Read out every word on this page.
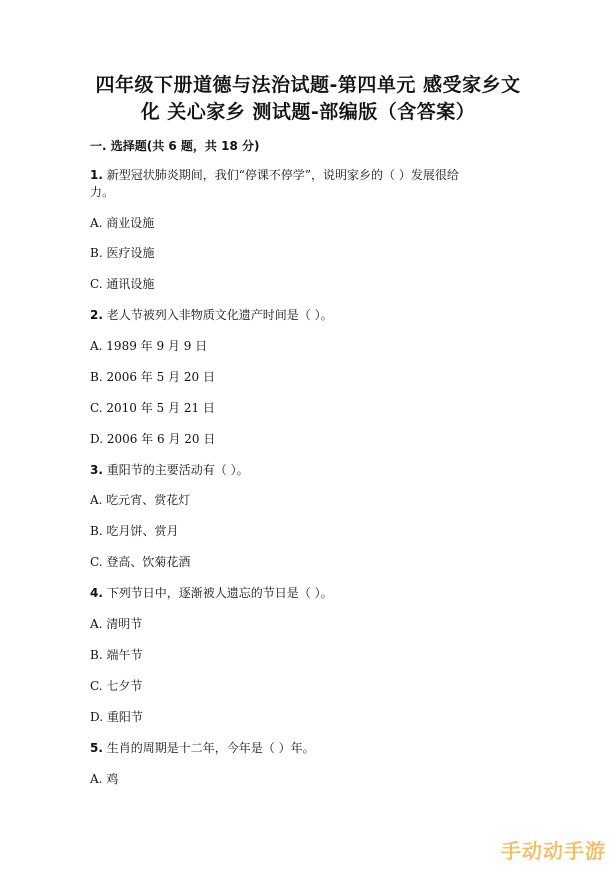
四年级下册道德与法治试题-第四单元 感受家乡文
化 关心家乡 测试题-部编版（含答案）
一. 选择题(共 6 题，共 18 分)
1. 新型冠状肺炎期间，我们“停课不停学”，说明家乡的（ ）发展很给
力。
A. 商业设施
B. 医疗设施
C. 通讯设施
2. 老人节被列入非物质文化遗产时间是（ ）。
A. 1989 年 9 月 9 日
B. 2006 年 5 月 20 日
C. 2010 年 5 月 21 日
D. 2006 年 6 月 20 日
3. 重阳节的主要活动有（ ）。
A. 吃元宵、赏花灯
B. 吃月饼、赏月
C. 登高、饮菊花酒
4. 下列节日中，逐渐被人遗忘的节日是（ ）。
A. 清明节
B. 端午节
C. 七夕节
D. 重阳节
5. 生肖的周期是十二年，今年是（ ）年。
A. 鸡
手动动手游
